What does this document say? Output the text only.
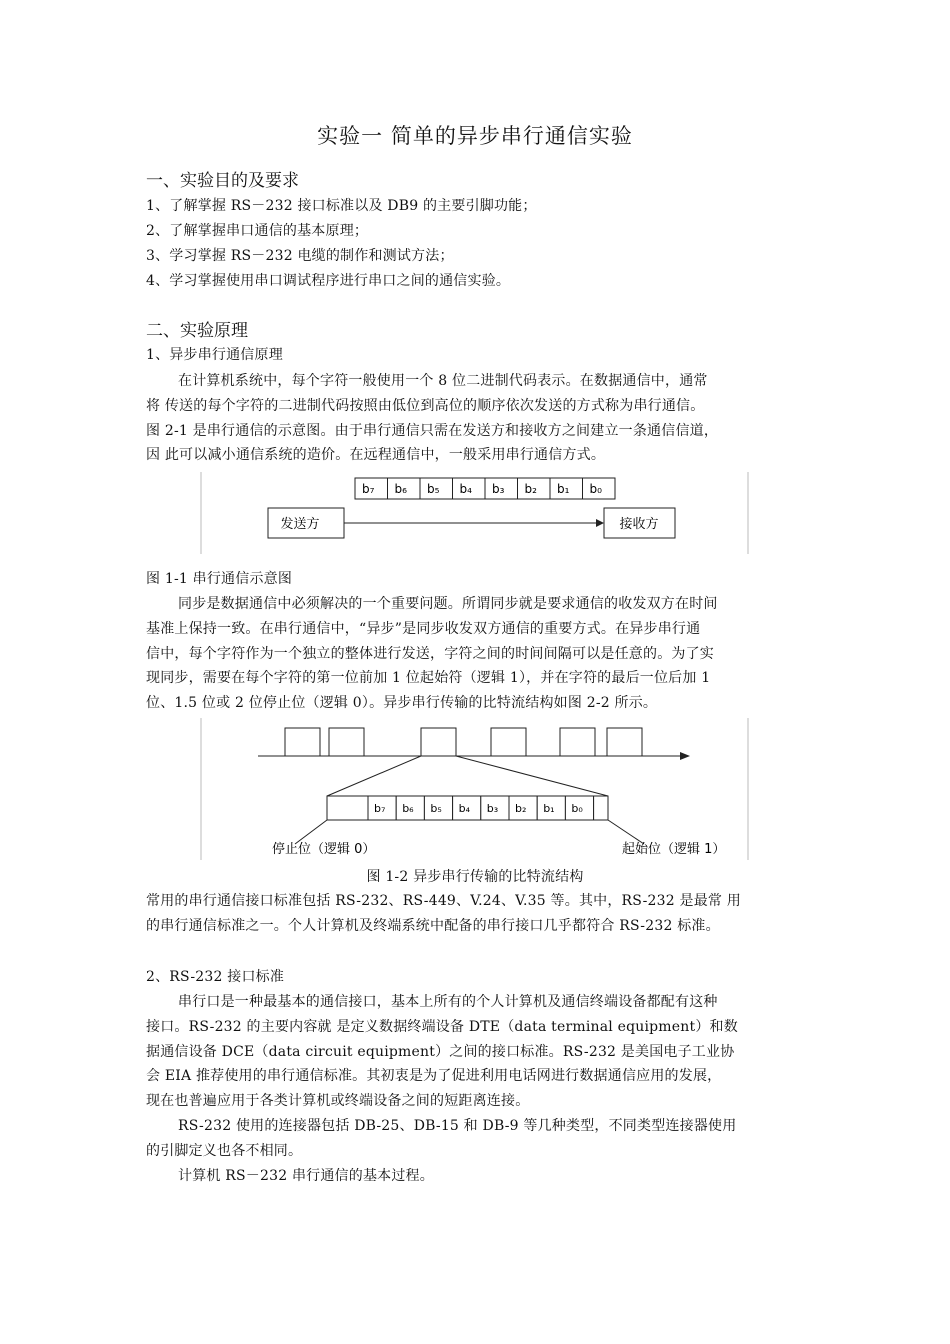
实验一 简单的异步串行通信实验
一、实验目的及要求
1、了解掌握 RS－232 接口标准以及 DB9 的主要引脚功能；
2、了解掌握串口通信的基本原理；
3、学习掌握 RS－232 电缆的制作和测试方法；
4、学习掌握使用串口调试程序进行串口之间的通信实验。
二、实验原理
1、异步串行通信原理
在计算机系统中，每个字符一般使用一个 8 位二进制代码表示。在数据通信中，通常
将 传送的每个字符的二进制代码按照由低位到高位的顺序依次发送的方式称为串行通信。
图 2-1 是串行通信的示意图。由于串行通信只需在发送方和接收方之间建立一条通信信道，
因 此可以减小通信系统的造价。在远程通信中，一般采用串行通信方式。
b₇ b₆ b₅ b₄ b₃ b₂ b₁ b₀
发送方	接收方
图 1-1 串行通信示意图
同步是数据通信中必须解决的一个重要问题。所谓同步就是要求通信的收发双方在时间
基准上保持一致。在串行通信中，“异步”是同步收发双方通信的重要方式。在异步串行通
信中，每个字符作为一个独立的整体进行发送，字符之间的时间间隔可以是任意的。为了实
现同步，需要在每个字符的第一位前加 1 位起始符（逻辑 1），并在字符的最后一位后加 1
位、1.5 位或 2 位停止位（逻辑 0）。异步串行传输的比特流结构如图 2-2 所示。
b₇ b₆ b₅ b₄ b₃ b₂ b₁ b₀
停止位（逻辑 0）	起始位（逻辑 1）
图 1-2 异步串行传输的比特流结构
常用的串行通信接口标准包括 RS-232、RS-449、V.24、V.35 等。其中，RS-232 是最常 用
的串行通信标准之一。个人计算机及终端系统中配备的串行接口几乎都符合 RS-232 标准。
2、RS-232 接口标准
串行口是一种最基本的通信接口，基本上所有的个人计算机及通信终端设备都配有这种
接口。RS-232 的主要内容就 是定义数据终端设备 DTE（data terminal equipment）和数
据通信设备 DCE（data circuit equipment）之间的接口标准。RS-232 是美国电子工业协
会 EIA 推荐使用的串行通信标准。其初衷是为了促进利用电话网进行数据通信应用的发展，
现在也普遍应用于各类计算机或终端设备之间的短距离连接。
RS-232 使用的连接器包括 DB-25、DB-15 和 DB-9 等几种类型，不同类型连接器使用
的引脚定义也各不相同。
计算机 RS－232 串行通信的基本过程。
